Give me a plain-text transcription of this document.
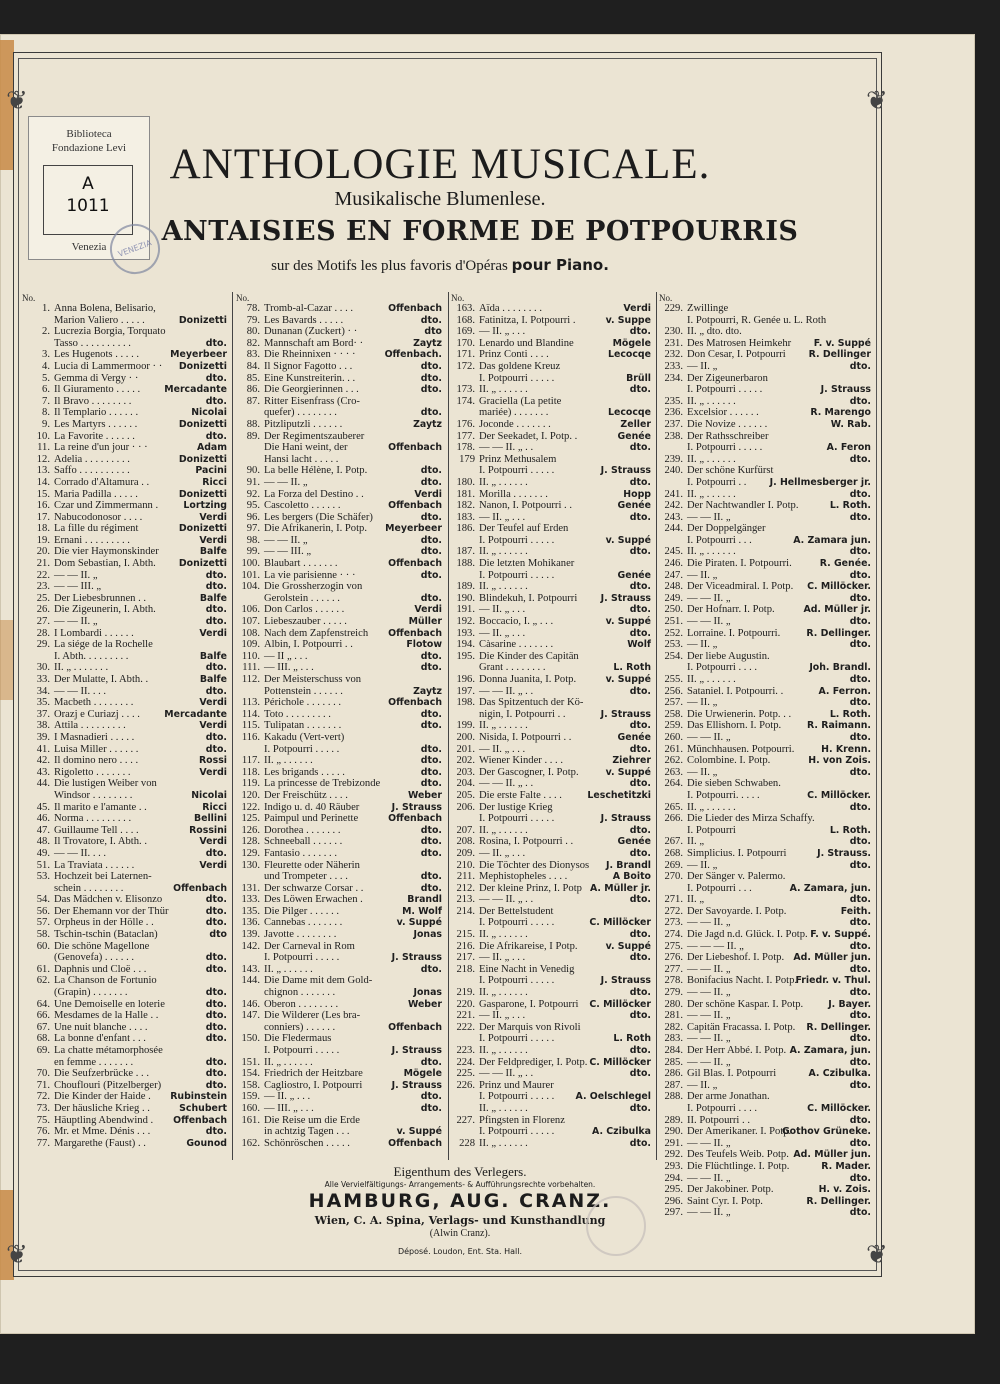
❦	❦
❦	❦
Biblioteca
Fondazione Levi
A
1011
Venezia	VENEZIA
ANTHOLOGIE MUSICALE.
Musikalische Blumenlese.
ANTAISIES EN FORME DE POTPOURRIS
sur des Motifs les plus favoris d'Opéras pour Piano.
No.
1. Anna Bolena, Belisario,
Marion Valiero . . . . .	Donizetti
2. Lucrezia Borgia, Torquato
Tasso . . . . . . . . . .	dto.
3. Les Hugenots . . . . .	Meyerbeer
4. Lucia di Lammermoor · · Donizetti
5. Gemma di Vergy · ·	dto.
6. Il Giuramento . . . . .	Mercadante
7. Il Bravo . . . . . . . .	dto.
8. Il Templario . . . . . .	Nicolai
9. Les Martyrs . . . . . .	Donizetti
10. La Favorite . . . . . .	dto.
11. La reine d'un jour · · ·	Adam
12. Adelia . . . . . . . . .	Donizetti
13. Saffo . . . . . . . . . .	Pacini
14. Corrado d'Altamura . .	Ricci
15. Maria Padilla . . . . .	Donizetti
16. Czar und Zimmermann .	Lortzing
17. Nabucodonosor . . . .	Verdi
18. La fille du régiment	Donizetti
19. Ernani . . . . . . . . .	Verdi
20. Die vier Haymonskinder	Balfe
21. Dom Sebastian, I. Abth. Donizetti
22. — — II. „	dto.
23. — — III. „	dto.
25. Der Liebesbrunnen . .	Balfe
26. Die Zigeunerin, I. Abth.	dto.
27. — — II. „	dto.
28. I Lombardi . . . . . .	Verdi
29. La siége de la Rochelle
I. Abth. . . . . . . . .	Balfe
30. II. „ . . . . . . .	dto.
33. Der Mulatte, I. Abth. .	Balfe
34. — — II. . . .	dto.
35. Macbeth . . . . . . . .	Verdi
37. Orazj e Curiazj . . . .	Mercadante
38. Attila . . . . . . . . .	Verdi
39. I Masnadieri . . . . .	dto.
41. Luisa Miller . . . . . .	dto.
42. Il domino nero . . . .	Rossi
43. Rigoletto . . . . . . .	Verdi
44. Die lustigen Weiber von
Windsor . . . . . . . .	Nicolai
45. Il marito e l'amante . .	Ricci
46. Norma . . . . . . . . .	Bellini
47. Guillaume Tell . . . .	Rossini
48. Il Trovatore, I. Abth. .	Verdi
49. — — II. . . .	dto.
51. La Traviata . . . . . .	Verdi
53. Hochzeit bei Laternen-
schein . . . . . . . .	Offenbach
54. Das Mädchen v. Elisonzo	dto.
56. Der Ehemann vor der Thür	dto.
57. Orpheus in der Hölle . .	dto.
58. Tschin-tschin (Bataclan)	dto
60. Die schöne Magellone
(Genovefa) . . . . . .	dto.
61. Daphnis und Cloë . . .	dto.
62. La Chanson de Fortunio
(Grapin) . . . . . . .	dto.
64. Une Demoiselle en loterie	dto.
66. Mesdames de la Halle . .	dto.
67. Une nuit blanche . . . .	dto.
68. La bonne d'enfant . . .	dto.
69. La chatte métamorphosée
en femme . . . . . . .	dto.
70. Die Seufzerbrücke . . .	dto.
71. Chouflouri (Pitzelberger)	dto.
72. Die Kinder der Haide . Rubinstein
73. Der häusliche Krieg . .	Schubert
75. Häuptling Abendwind . Offenbach
76. Mr. et Mme. Dénis . . .	dto.
77. Margarethe (Faust) . .	Gounod
No.
78. Tromb-al-Cazar . . . .	Offenbach
79. Les Bavards . . . . .	dto.
80. Dunanan (Zuckert) · ·	dto
82. Mannschaft am Bord· ·	Zaytz
83. Die Rheinnixen · · · ·	Offenbach.
84. Il Signor Fagotto . . .	dto.
85. Eine Kunstreiterin. . .	dto.
86. Die Georgierinnen . . .	dto.
87. Ritter Eisenfrass (Cro-
quefer) . . . . . . . .	dto.
88. Pitzliputzli . . . . . .	Zaytz
89. Der Regimentszauberer
Die Hani weint, der	Offenbach
Hansi lacht . . . . .
90. La belle Hélène, I. Potp.	dto.
91. — — II. „	dto.
92. La Forza del Destino . .	Verdi
95. Cascoletto . . . . . .	Offenbach
96. Les bergers (Die Schäfer)	dto.
97. Die Afrikanerin, I. Potp. Meyerbeer
98. — — II. „	dto.
99. — — III. „	dto.
100. Blaubart . . . . . . .	Offenbach
101. La vie parisienne · · ·	dto.
104. Die Grossherzogin von
Gerolstein . . . . . .	dto.
106. Don Carlos . . . . . .	Verdi
107. Liebeszauber . . . . .	Müller
108. Nach dem Zapfenstreich Offenbach
109. Albin, I. Potpourri . .	Flotow
110. — II „ . . .	dto.
111. — III. „ . . .	dto.
112. Der Meisterschuss von
Pottenstein . . . . . .	Zaytz
113. Périchole . . . . . . .	Offenbach
114. Toto . . . . . . . . .	dto.
115. Tulipatan . . . . . . .	dto.
116. Kakadu (Vert-vert)
I. Potpourri . . . . .	dto.
117. II. „ . . . . . .	dto.
118. Les brigands . . . . .	dto.
119. La princesse de Trebizonde	dto.
120. Der Freischütz . . . .	Weber
122. Indigo u. d. 40 Räuber	J. Strauss
125. Paimpul und Perinette	Offenbach
126. Dorothea . . . . . . .	dto.
128. Schneeball . . . . . .	dto.
129. Fantasio . . . . . . .	dto.
130. Fleurette oder Näherin
und Trompeter . . . .	dto.
131. Der schwarze Corsar . .	dto.
133. Des Löwen Erwachen .	Brandl
135. Die Pilger . . . . . .	M. Wolf
136. Cannebas . . . . . . .	v. Suppé
139. Javotte . . . . . . . .	Jonas
142. Der Carneval in Rom
I. Potpourri . . . . .	J. Strauss
143. II. „ . . . . . .	dto.
144. Die Dame mit dem Gold-
chignon . . . . . . .	Jonas
146. Oberon . . . . . . . .	Weber
147. Die Wilderer (Les bra-
conniers) . . . . . .	Offenbach
150. Die Fledermaus
I. Potpourri . . . . .	J. Strauss
151. II. „ . . . . . .	dto.
154. Friedrich der Heitzbare	Mögele
158. Cagliostro, I. Potpourri	J. Strauss
159. — II. „ . . .	dto.
160. — III. „ . . .	dto.
161. Die Reise um die Erde
in achtzig Tagen . . .	v. Suppé
162. Schönröschen . . . . .	Offenbach
No.
163. Aïda . . . . . . . .	Verdi
168. Fatinitza, I. Potpourri .	v. Suppe
169. — II. „ . . .	dto.
170. Lenardo und Blandine	Mögele
171. Prinz Conti . . . .	Lecocqe
172. Das goldene Kreuz
I. Potpourri . . . . .	Brüll
173. II. „ . . . . . .	dto.
174. Graciella (La petite
mariée) . . . . . . .	Lecocqe
176. Joconde . . . . . . .	Zeller
177. Der Seekadet, I. Potp. .	Genée
178. — — II. „ . .	dto.
179 Prinz Methusalem
I. Potpourri . . . . .	J. Strauss
180. II. „ . . . . . .	dto.
181. Morilla . . . . . . .	Hopp
182. Nanon, I. Potpourri . .	Genée
183. — II. „ . . .	dto.
186. Der Teufel auf Erden
I. Potpourri . . . . .	v. Suppé
187. II. „ . . . . . .	dto.
188. Die letzten Mohikaner
I. Potpourri . . . . .	Genée
189. II. „ . . . . . .	dto.
190. Blindekuh, I. Potpourri J. Strauss
191. — II. „ . . .	dto.
192. Boccacio, I. „ . . .	v. Suppé
193. — II. „ . . .	dto.
194. Càsarine . . . . . . .	Wolf
195. Die Kinder des Capitän
Grant . . . . . . . .	L. Roth
196. Donna Juanita, I. Potp.	v. Suppé
197. — — II. „ . .	dto.
198. Das Spitzentuch der Kö-
nigin, I. Potpourri . .	J. Strauss
199. II. „ . . . . . .	dto.
200. Nisida, I. Potpourri . .	Genée
201. — II. „ . . .	dto.
202. Wiener Kinder . . . .	Ziehrer
203. Der Gascogner, I. Potp.	v. Suppé
204. — — II. „ . .	dto.
205. Die erste Falte . . . .	Leschetitzki
206. Der lustige Krieg
I. Potpourri . . . . .	J. Strauss
207. II. „ . . . . . .	dto.
208. Rosina, I. Potpourri . .	Genée
209. — II. „ . . .	dto.
210. Die Töchter des Dionysos J. Brandl
211. Mephistopheles . . . .	A Boito
212. Der kleine Prinz, I. Potp A. Müller jr.
213. — — II. „ . .	dto.
214. Der Bettelstudent
I. Potpourri . . . . .	C. Millöcker
215. II. „ . . . . . .	dto.
216. Die Afrikareise, I Potp.	v. Suppé
217. — II. „ . . .	dto.
218. Eine Nacht in Venedig
I. Potpourri . . . . .	J. Strauss
219. II. „ . . . . . .	dto.
220. Gasparone, I. Potpourri C. Millöcker
221. — II. „ . . .	dto.
222. Der Marquis von Rivoli
I. Potpourri . . . . .	L. Roth
223. II. „ . . . . . .	dto.
224. Der Feldprediger, I. Potp. C. Millöcker
225. — — II. „ . .	dto.
226. Prinz und Maurer
I. Potpourri . . . . . A. Oelschlegel
II. „ . . . . . .	dto.
227. Pfingsten in Florenz
I. Potpourri . . . . .	A. Czibulka
228 II. „ . . . . . .	dto.
No.
229. Zwillinge
I. Potpourri, R. Genée u. L. Roth
230. II. „ dto. dto.
231. Des Matrosen Heimkehr F. v. Suppé
232. Don Cesar, I. Potpourri R. Dellinger
233. — II. „	dto.
234. Der Zigeunerbaron
I. Potpourri . . . . .	J. Strauss
235. II. „ . . . . . .	dto.
236. Excelsior . . . . . .	R. Marengo
237. Die Novize . . . . . .	W. Rab.
238. Der Rathsschreiber
I. Potpourri . . . . .	A. Feron
239. II. „ . . . . . .	dto.
240. Der schöne Kurfürst
I. Potpourri . . J. Hellmesberger jr.
241. II. „ . . . . . .	dto.
242. Der Nachtwandler I. Potp.	L. Roth.
243. — — II. „	dto.
244. Der Doppelgänger
I. Potpourri . . .	A. Zamara jun.
245. II. „ . . . . . .	dto.
246. Die Piraten. I. Potpourri.	R. Genée.
247. — II. „	dto.
248. Der Viceadmiral. I. Potp. C. Millöcker.
249. — — II. „	dto.
250. Der Hofnarr. I. Potp.	Ad. Müller jr.
251. — — II. „	dto.
252. Lorraine. I. Potpourri.	R. Dellinger.
253. — II. „	dto.
254. Der liebe Augustin.
I. Potpourri . . . .	Joh. Brandl.
255. II. „ . . . . . .	dto.
256. Sataniel. I. Potpourri. .	A. Ferron.
257. — II. „	dto.
258. Die Urwienerin. Potp. . .	L. Roth.
259. Das Ellishorn. I. Potp.	R. Raimann.
260. — — II. „	dto.
261. Münchhausen. Potpourri.	H. Krenn.
262. Colombine. I. Potp.	H. von Zois.
263. — II. „	dto.
264. Die sieben Schwaben.
I. Potpourri. . . . .	C. Millöcker.
265. II. „ . . . . . .	dto.
266. Die Lieder des Mirza Schaffy.
I. Potpourri	L. Roth.
267. II. „	dto.
268. Simplicius. I. Potpourri	J. Strauss.
269. — II. „	dto.
270. Der Sänger v. Palermo.
I. Potpourri . . .	A. Zamara, jun.
271. II. „	dto.
272. Der Savoyarde. I. Potp.	Feith.
273. — — II. „	dto.
274. Die Jagd n.d. Glück. I. Potp. F. v. Suppé.
275. — — — II. „	dto.
276. Der Liebeshof. I. Potp. Ad. Müller jun.
277. — — II. „	dto.
278. Bonifacius Nacht. I. Potp.
Friedr. v. Thul.
279. — — II. „	dto.
280. Der schöne Kaspar. I. Potp.	J. Bayer.
281. — — II. „	dto.
282. Capitän Fracassa. I. Potp. R. Dellinger.
283. — — II. „	dto.
284. Der Herr Abbé. I. Potp. A. Zamara, jun.
285. — — II. „	dto.
286. Gil Blas. I. Potpourri	A. Czibulka.
287. — II. „	dto.
288. Der arme Jonathan.
I. Potpourri . . . .	C. Millöcker.
289. II. Potpourri . .	dto.
290. Der Amerikaner. I. Potp.
Gothov Grüneke.
291. — — II. „	dto.
292. Des Teufels Weib. Potp. Ad. Müller jun.
293. Die Flüchtlinge. I. Potp.	R. Mader.
294. — — II. „	dto.
295. Der Jakobiner. Potp.	H. v. Zois.
296. Saint Cyr. I. Potp.	R. Dellinger.
297. — — II. „	dto.
Eigenthum des Verlegers.
Alle Vervielfältigungs- Arrangements- & Aufführungsrechte vorbehalten.
HAMBURG, AUG. CRANZ.
Wien, C. A. Spina, Verlags- und Kunsthandlung
(Alwin Cranz).
Déposé. Loudon, Ent. Sta. Hall.
